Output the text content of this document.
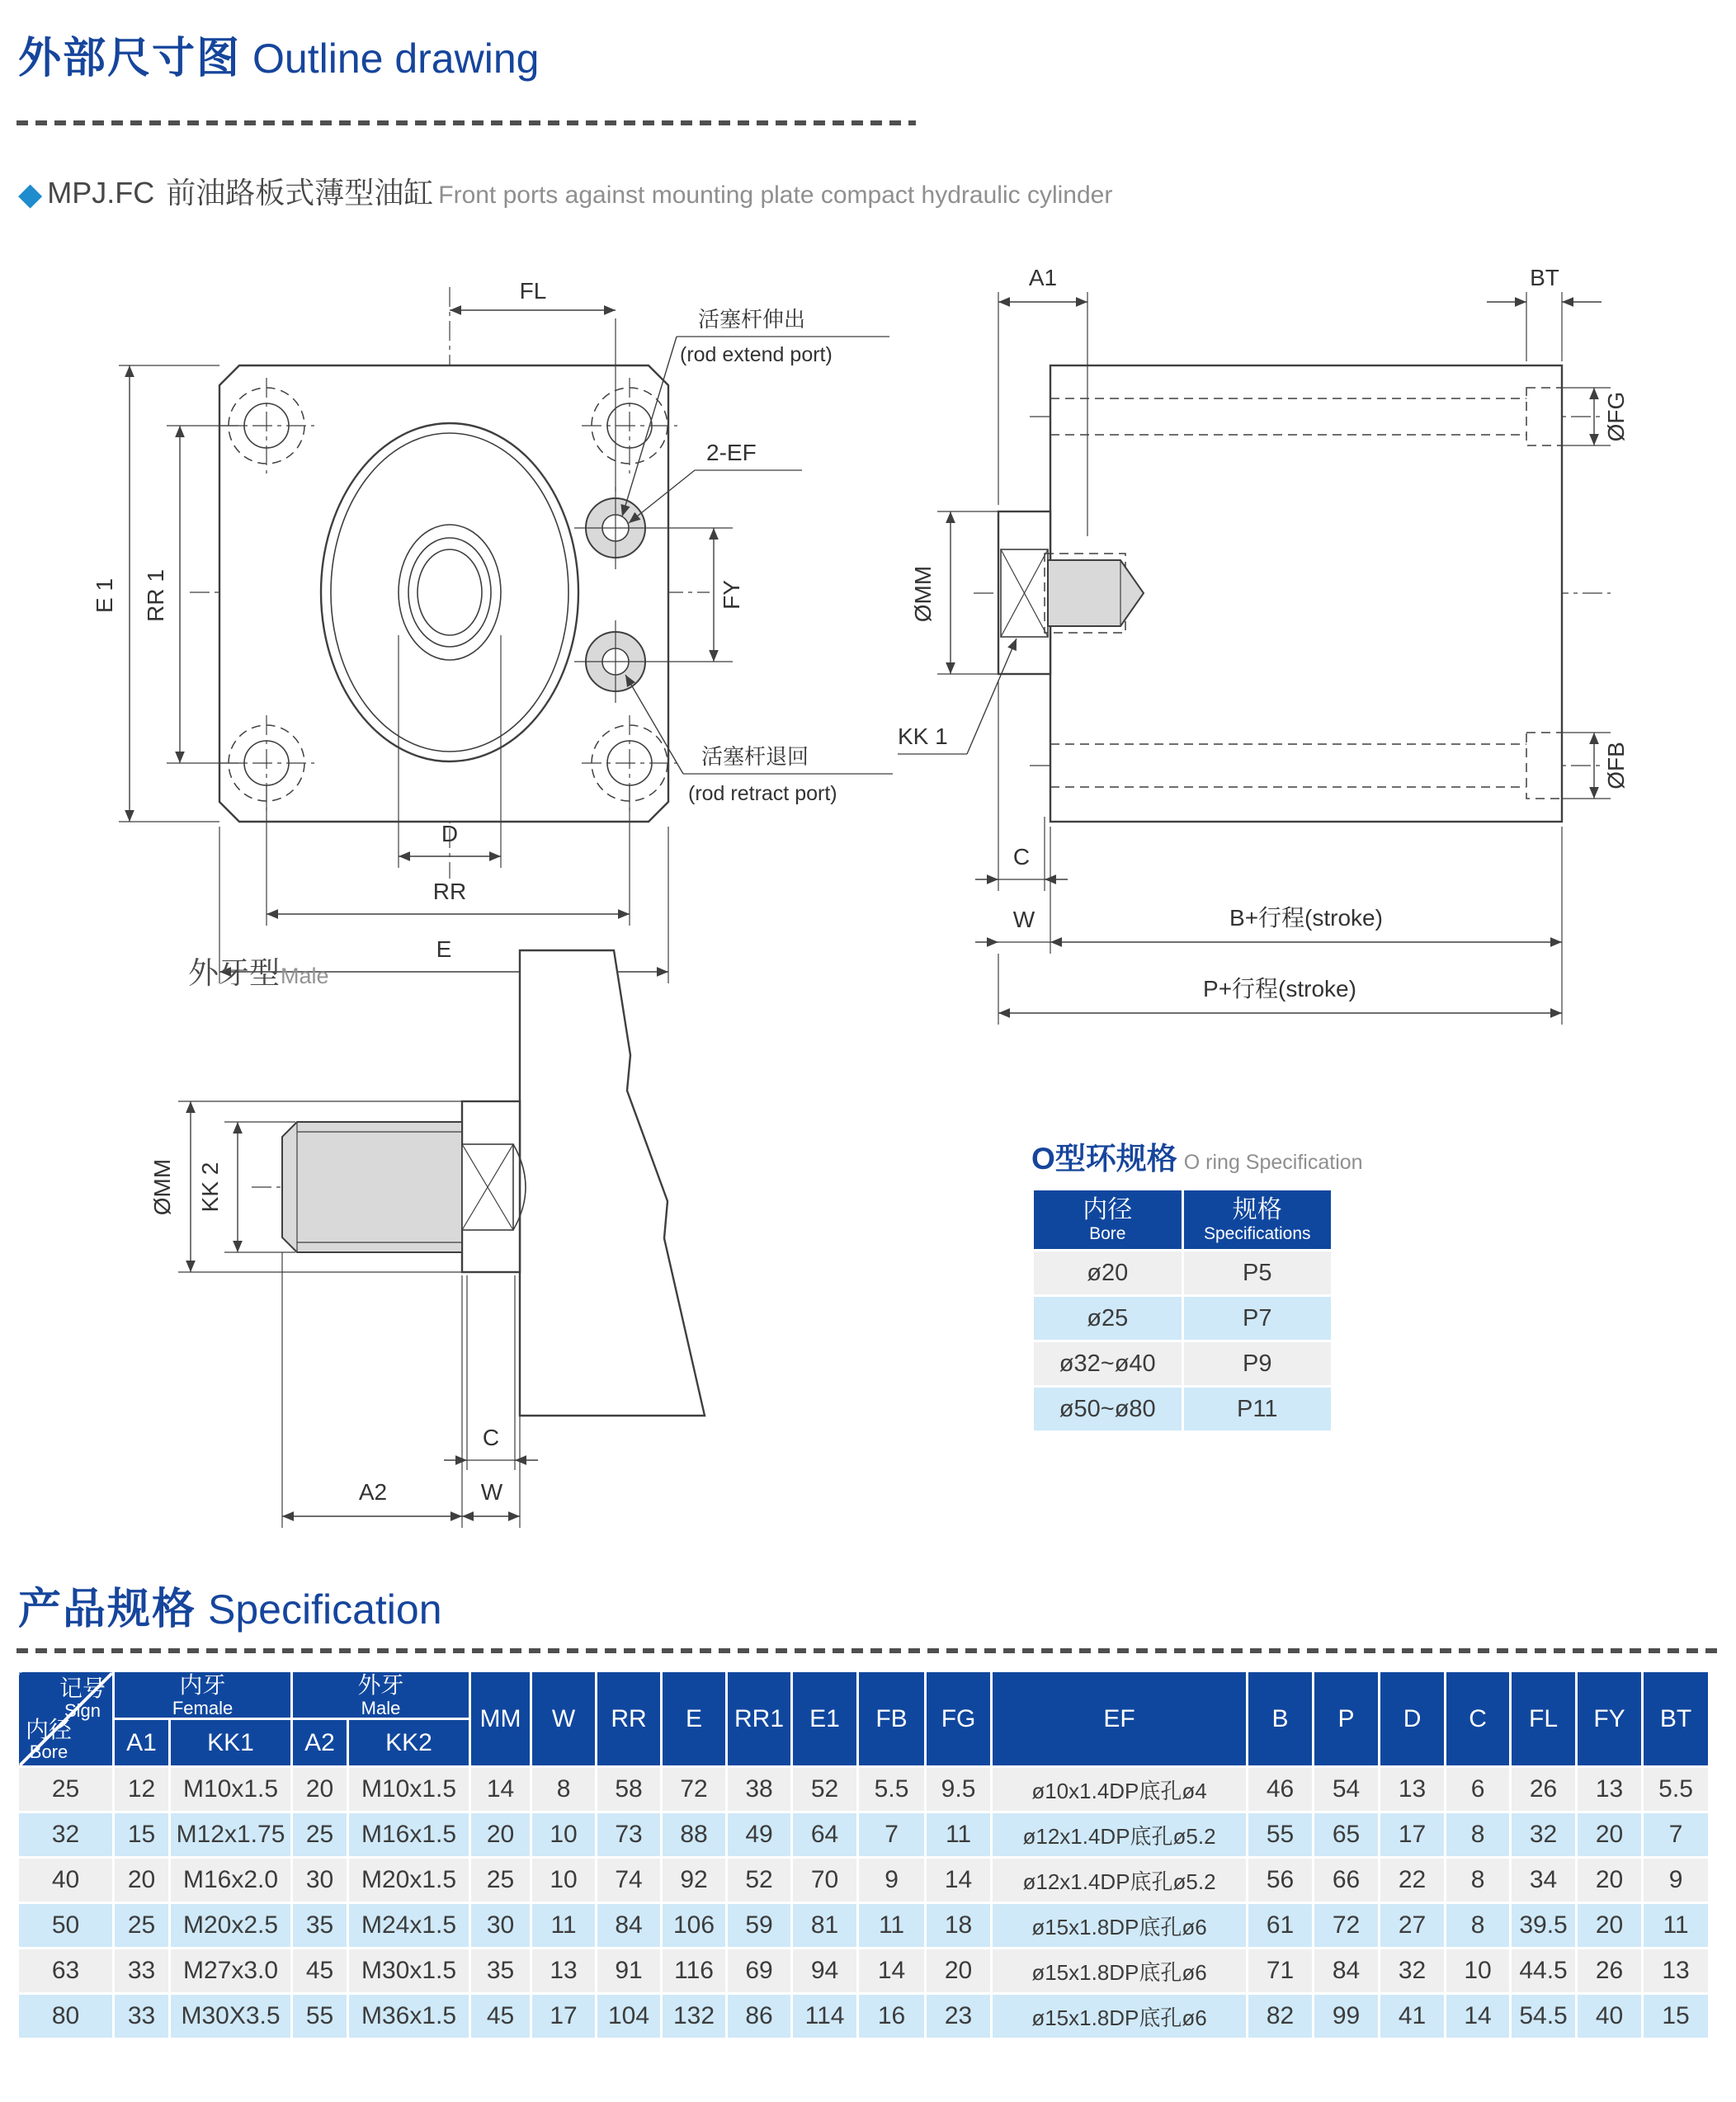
外部尺寸图 Outline drawing
◆ MPJ.FC 前油路板式薄型油缸 Front ports against mounting plate compact hydraulic cylinder
FL
E 1 RR 1	FY
D
RR
E
活塞杆伸出
(rod extend port)
2-EF
活塞杆退回
(rod retract port)
A1	BT
ØFG
ØFB
ØMM
KK 1
C
W	B+行程(stroke)
P+行程(stroke)
外牙型 Male
ØMM KK 2
C
A2	W
O型环规格 O ring Specification
内径
Bore

规格
Specifications

ø20	P5
ø25	P7
ø32~ø40	P9
ø50~ø80	P11
产品规格 Specification
记号
Sign
内径
Bore

内牙
Female

外牙
Male	MM	W	RR	E	RR1	E1	FB	FG	EF	B	P	D	C	FL	FY	BT
	A1	KK1	A2	KK2																
25	12	M10x1.5	20	M10x1.5	14	8	58	72	38	52	5.5	9.5	ø10x1.4DP底孔ø4	46	54	13	6	26	13	5.5
32	15	M12x1.75	25	M16x1.5	20	10	73	88	49	64	7	11	ø12x1.4DP底孔ø5.2	55	65	17	8	32	20	7
40	20	M16x2.0	30	M20x1.5	25	10	74	92	52	70	9	14	ø12x1.4DP底孔ø5.2	56	66	22	8	34	20	9
50	25	M20x2.5	35	M24x1.5	30	11	84	106	59	81	11	18	ø15x1.8DP底孔ø6	61	72	27	8	39.5	20	11
63	33	M27x3.0	45	M30x1.5	35	13	91	116	69	94	14	20	ø15x1.8DP底孔ø6	71	84	32	10	44.5	26	13
80	33	M30X3.5	55	M36x1.5	45	17	104	132	86	114	16	23	ø15x1.8DP底孔ø6	82	99	41	14	54.5	40	15
